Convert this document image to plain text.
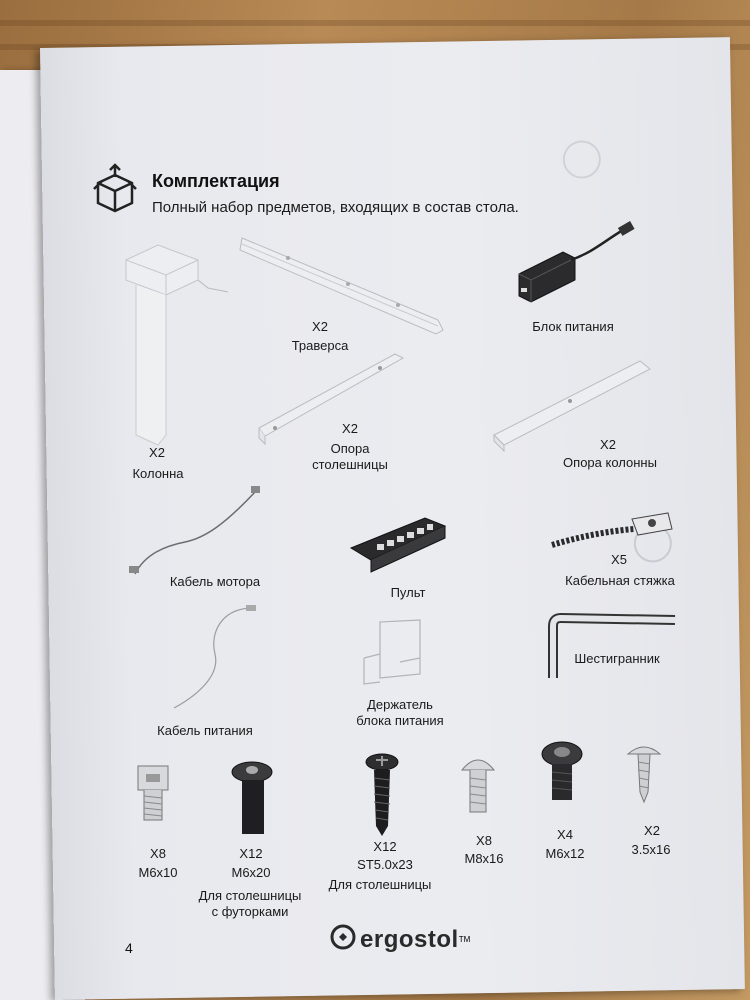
Комплектация
Полный набор предметов, входящих в состав стола.
X2
Колонна
X2
Траверса
Блок питания
X2
Опора
столешницы
X2
Опора колонны
Кабель мотора
Пульт
X5
Кабельная стяжка
Шестигранник
Кабель питания
Держатель
блока питания
X8
M6x10
X12
M6x20
Для столешницы
с футорками
X12
ST5.0x23
Для столешницы
X8
M8x16
X4
M6x12
X2
3.5x16
4	ergostol TM
